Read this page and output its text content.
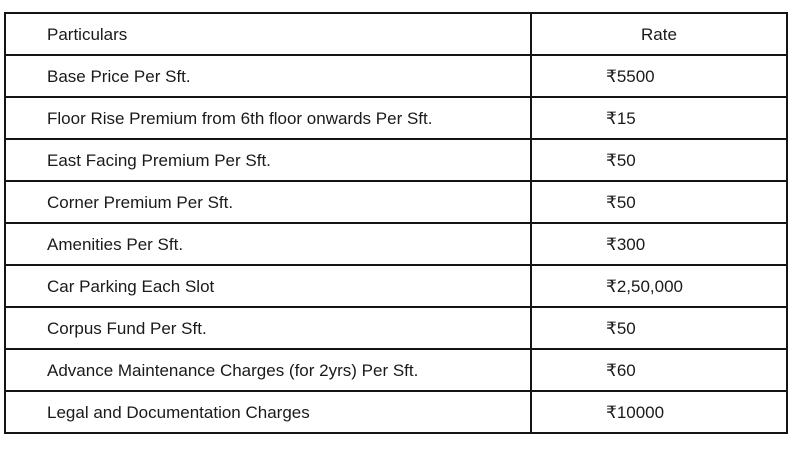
Particulars	Rate
Base Price Per Sft.	₹5500
Floor Rise Premium from 6th floor onwards Per Sft.	₹15
East Facing Premium Per Sft.	₹50
Corner Premium Per Sft.	₹50
Amenities Per Sft.	₹300
Car Parking Each Slot	₹2,50,000
Corpus Fund Per Sft.	₹50
Advance Maintenance Charges (for 2yrs) Per Sft.	₹60
Legal and Documentation Charges	₹10000
